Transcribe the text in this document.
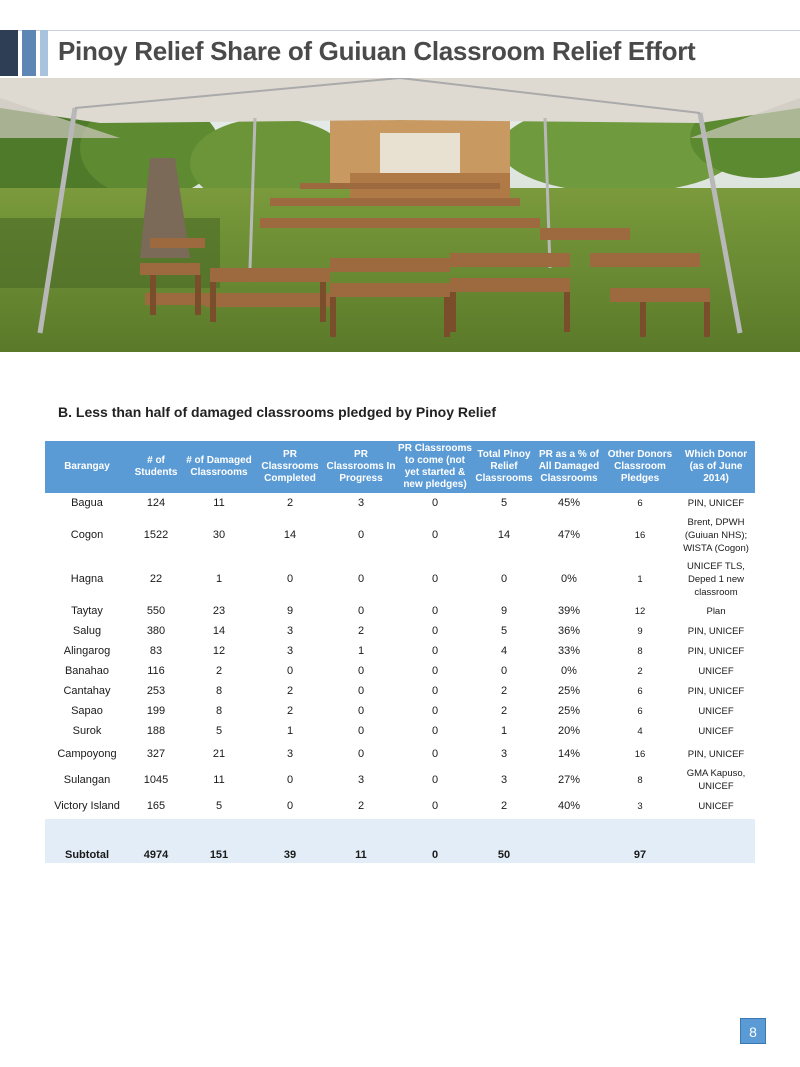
Pinoy Relief Share of Guiuan Classroom Relief Effort
B. Less than half of damaged classrooms pledged by Pinoy Relief
Barangay	# of Students	# of Damaged Classrooms	PR Classrooms Completed	PR Classrooms In Progress	PR Classrooms to come (not yet started & new pledges)	Total Pinoy Relief Classrooms	PR as a % of All Damaged Classrooms	Other Donors Classroom Pledges	Which Donor (as of June 2014)
Bagua	124	11	2	3	0	5	45%	6	PIN, UNICEF
Cogon	1522	30	14	0	0	14	47%	16	Brent, DPWH (Guiuan NHS); WISTA (Cogon)
Hagna	22	1	0	0	0	0	0%	1	UNICEF TLS, Deped 1 new classroom
Taytay	550	23	9	0	0	9	39%	12	Plan
Salug	380	14	3	2	0	5	36%	9	PIN, UNICEF
Alingarog	83	12	3	1	0	4	33%	8	PIN, UNICEF
Banahao	116	2	0	0	0	0	0%	2	UNICEF
Cantahay	253	8	2	0	0	2	25%	6	PIN, UNICEF
Sapao	199	8	2	0	0	2	25%	6	UNICEF
Surok	188	5	1	0	0	1	20%	4	UNICEF
Campoyong	327	21	3	0	0	3	14%	16	PIN, UNICEF
Sulangan	1045	11	0	3	0	3	27%	8	GMA Kapuso, UNICEF
Victory Island	165	5	0	2	0	2	40%	3	UNICEF
Subtotal	4974	151	39	11	0	50		97	
8
